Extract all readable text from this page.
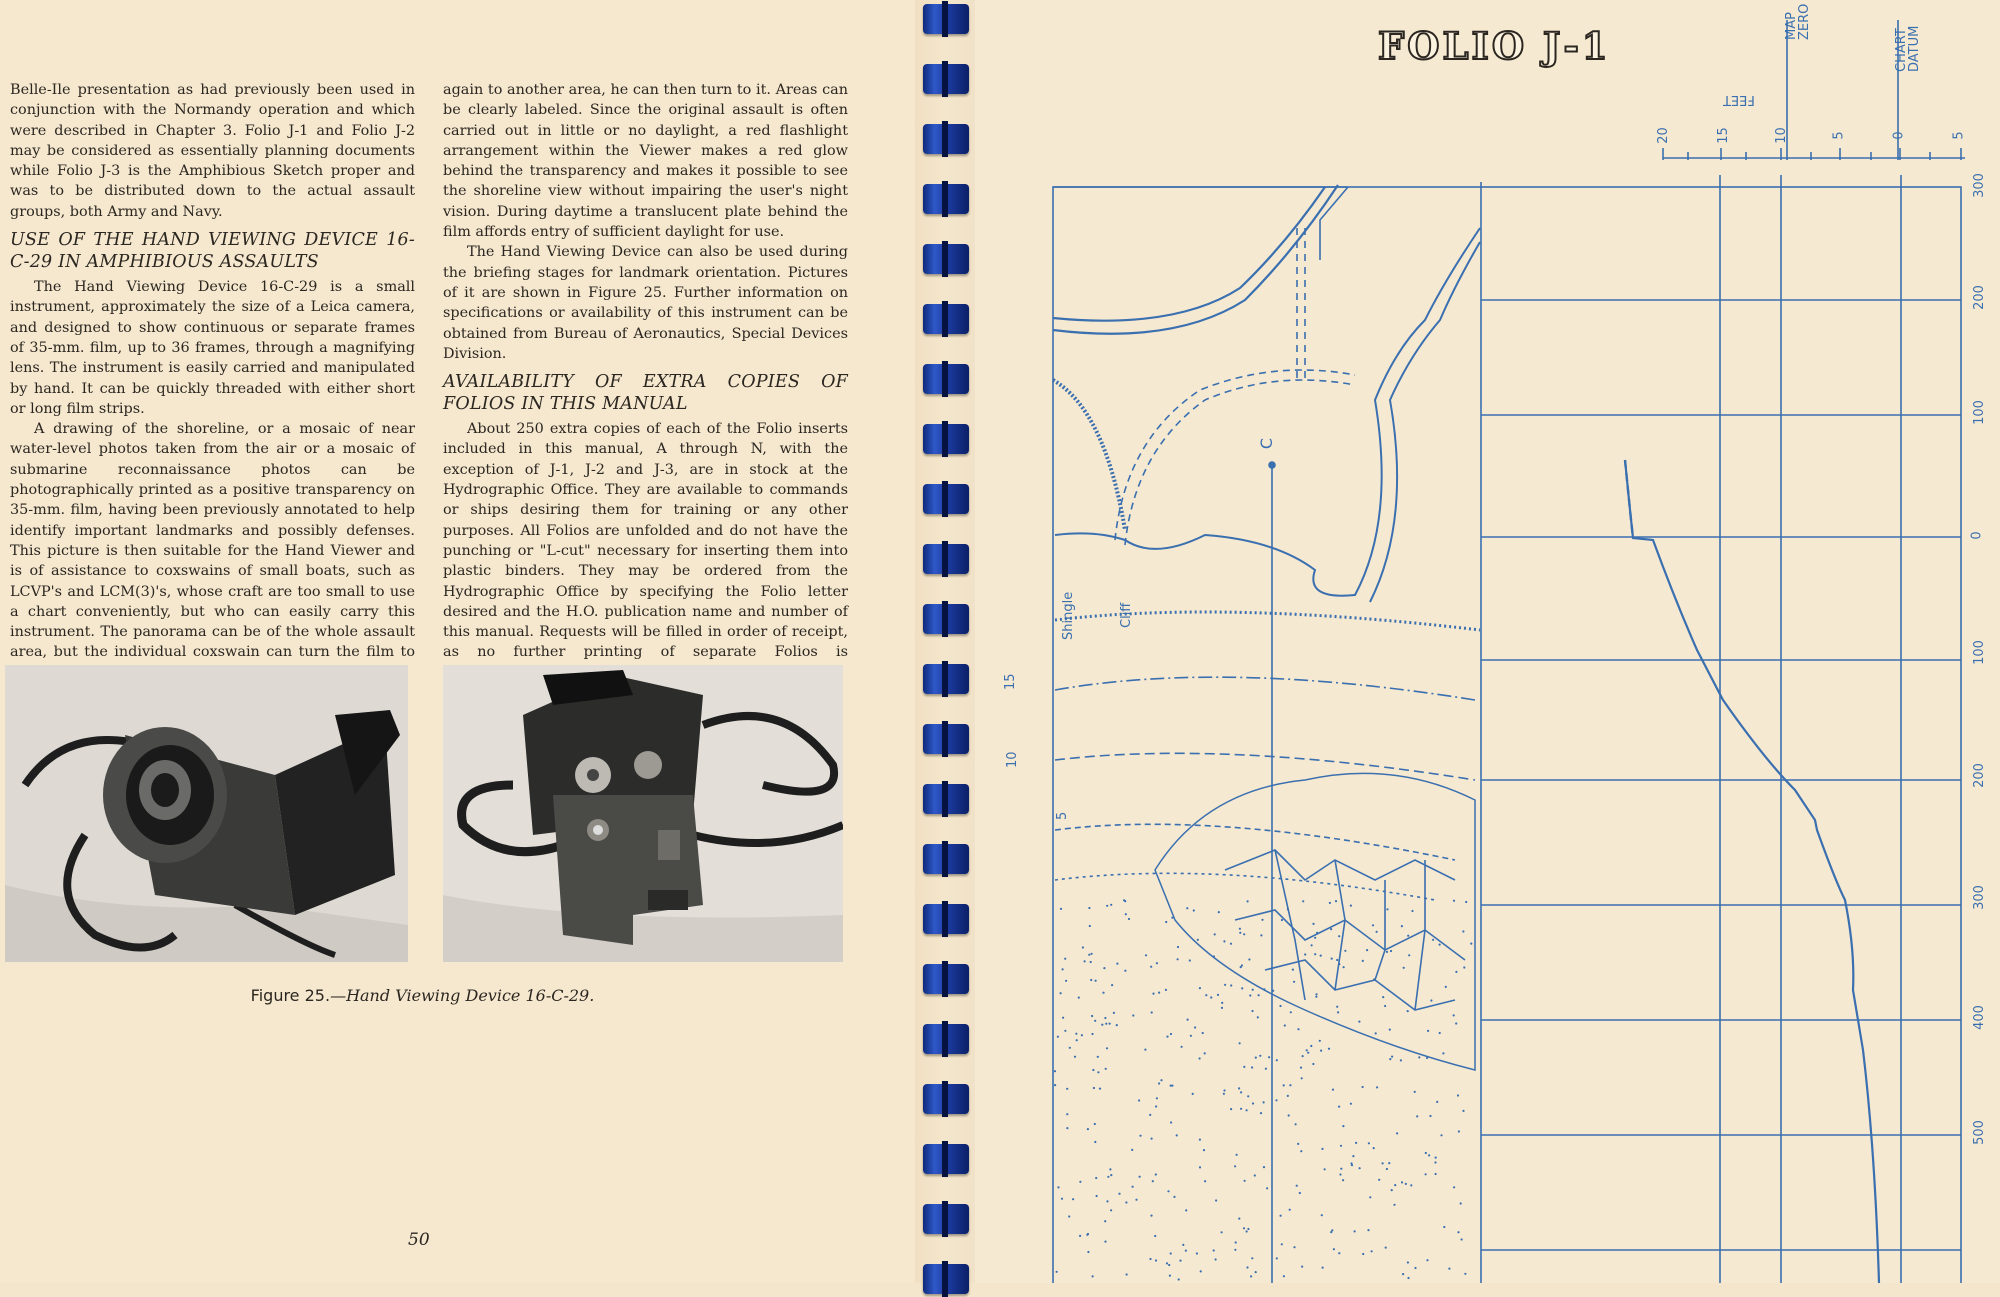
Belle-Ile presentation as had previously been used in conjunction with the Normandy operation and which were described in Chapter 3. Folio J-1 and Folio J-2 may be considered as essentially planning documents while Folio J-3 is the Amphibious Sketch proper and was to be distributed down to the actual assault groups, both Army and Navy.

USE OF THE HAND VIEWING DEVICE 16-C-29 IN AMPHIBIOUS ASSAULTS

The Hand Viewing Device 16-C-29 is a small instrument, approximately the size of a Leica camera, and designed to show continuous or separate frames of 35-mm. film, up to 36 frames, through a magnifying lens. The instrument is easily carried and manipulated by hand. It can be quickly threaded with either short or long film strips.

A drawing of the shoreline, or a mosaic of near water-level photos taken from the air or a mosaic of submarine reconnaissance photos can be photographically printed as a positive transparency on 35-mm. film, having been previously annotated to help identify important landmarks and possibly defenses. This picture is then suitable for the Hand Viewer and is of assistance to coxswains of small boats, such as LCVP's and LCM(3)'s, whose craft are too small to use a chart conveniently, but who can easily carry this instrument. The panorama can be of the whole assault area, but the individual coxswain can turn the film to

again to another area, he can then turn to it. Areas can be clearly labeled. Since the original assault is often carried out in little or no daylight, a red flashlight arrangement within the Viewer makes a red glow behind the transparency and makes it possible to see the shoreline view without impairing the user's night vision. During daytime a translucent plate behind the film affords entry of sufficient daylight for use.

The Hand Viewing Device can also be used during the briefing stages for landmark orientation. Pictures of it are shown in Figure 25. Further information on specifications or availability of this instrument can be obtained from Bureau of Aeronautics, Special Devices Division.

AVAILABILITY OF EXTRA COPIES OF FOLIOS IN THIS MANUAL

About 250 extra copies of each of the Folio inserts included in this manual, A through N, with the exception of J-1, J-2 and J-3, are in stock at the Hydrographic Office. They are available to commands or ships desiring them for training or any other purposes. All Folios are unfolded and do not have the punching or "L-cut" necessary for inserting them into plastic binders. They may be ordered from the Hydrographic Office by specifying the Folio letter desired and the H.O. publication name and number of this manual. Requests will be filled in order of receipt, as no further printing of separate Folios is

Figure 25.—Hand Viewing Device 16-C-29.
50
FOLIO J-1	MAP
ZERO
CHART
DATUM
FEET
20	15	10	5	0	5
300
200
100
0
100
200
300
400
500
C
Shingle	Cliff
15
10
5
